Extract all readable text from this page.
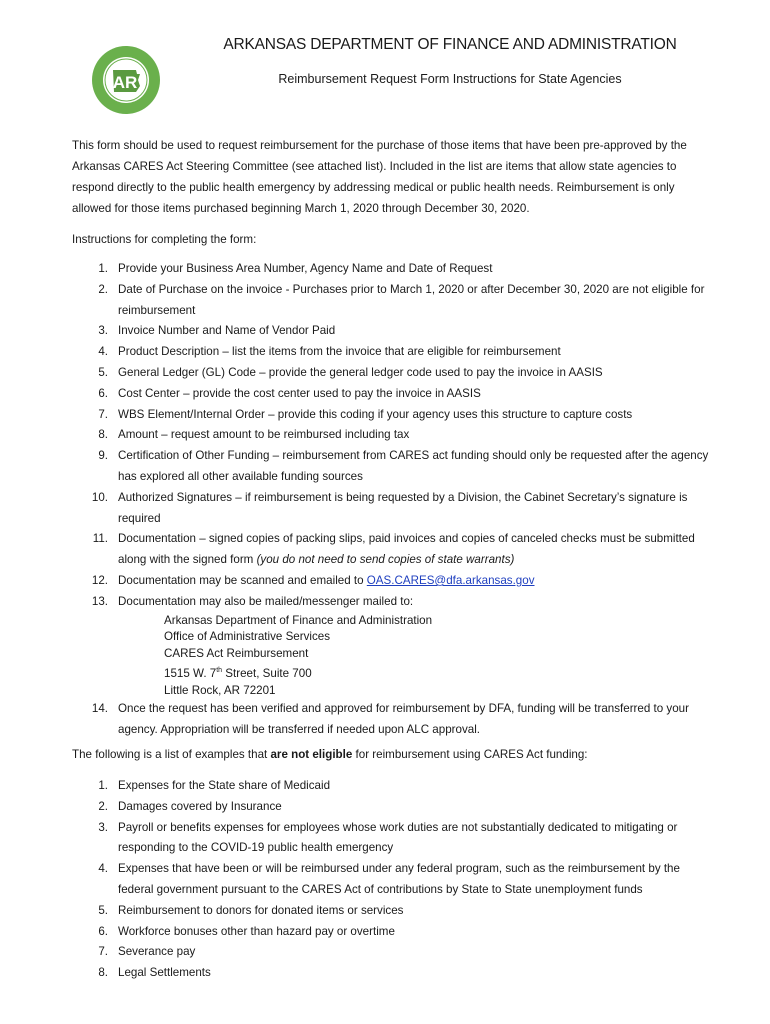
AR
ARKANSAS DEPARTMENT OF FINANCE AND ADMINISTRATION
Reimbursement Request Form Instructions for State Agencies
This form should be used to request reimbursement for the purchase of those items that have been pre-approved by the Arkansas CARES Act Steering Committee (see attached list). Included in the list are items that allow state agencies to respond directly to the public health emergency by addressing medical or public health needs. Reimbursement is only allowed for those items purchased beginning March 1, 2020 through December 30, 2020.
Instructions for completing the form:
1. Provide your Business Area Number, Agency Name and Date of Request
2. Date of Purchase on the invoice - Purchases prior to March 1, 2020 or after December 30, 2020 are not eligible for reimbursement
3. Invoice Number and Name of Vendor Paid
4. Product Description – list the items from the invoice that are eligible for reimbursement
5. General Ledger (GL) Code – provide the general ledger code used to pay the invoice in AASIS
6. Cost Center – provide the cost center used to pay the invoice in AASIS
7. WBS Element/Internal Order – provide this coding if your agency uses this structure to capture costs
8. Amount – request amount to be reimbursed including tax
9. Certification of Other Funding – reimbursement from CARES act funding should only be requested after the agency has explored all other available funding sources
10. Authorized Signatures – if reimbursement is being requested by a Division, the Cabinet Secretary’s signature is required
11. Documentation – signed copies of packing slips, paid invoices and copies of canceled checks must be submitted along with the signed form (you do not need to send copies of state warrants)
12. Documentation may be scanned and emailed to OAS.CARES@dfa.arkansas.gov
13. Documentation may also be mailed/messenger mailed to:
Arkansas Department of Finance and Administration
Office of Administrative Services
CARES Act Reimbursement
1515 W. 7th Street, Suite 700
Little Rock, AR 72201
14. Once the request has been verified and approved for reimbursement by DFA, funding will be transferred to your agency. Appropriation will be transferred if needed upon ALC approval.
The following is a list of examples that are not eligible for reimbursement using CARES Act funding:
1. Expenses for the State share of Medicaid
2. Damages covered by Insurance
3. Payroll or benefits expenses for employees whose work duties are not substantially dedicated to mitigating or responding to the COVID-19 public health emergency
4. Expenses that have been or will be reimbursed under any federal program, such as the reimbursement by the federal government pursuant to the CARES Act of contributions by State to State unemployment funds
5. Reimbursement to donors for donated items or services
6. Workforce bonuses other than hazard pay or overtime
7. Severance pay
8. Legal Settlements
